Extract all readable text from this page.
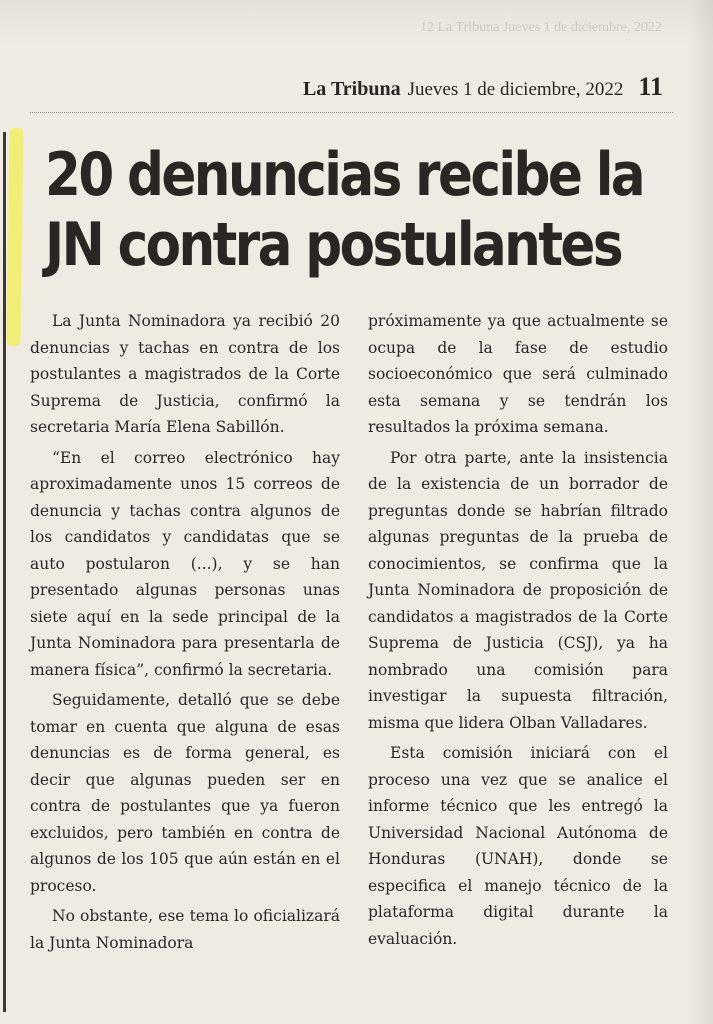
12 La Tribuna Jueves 1 de diciembre, 2022
La Tribuna Jueves 1 de diciembre, 2022 11
20 denuncias recibe la
JN contra postulantes

La Junta Nominadora ya recibió 20 denuncias y tachas en contra de los postulantes a magistrados de la Corte Suprema de Justicia, confirmó la secretaria María Elena Sabillón.

“En el correo electrónico hay aproximadamente unos 15 correos de denuncia y tachas contra algunos de los candidatos y candidatas que se auto postularon (...), y se han presentado algunas personas unas siete aquí en la sede principal de la Junta Nominadora para presentarla de manera física”, confirmó la secretaria.

Seguidamente, detalló que se debe tomar en cuenta que alguna de esas denuncias es de forma general, es decir que algunas pueden ser en contra de postulantes que ya fueron excluidos, pero también en contra de algunos de los 105 que aún están en el proceso.

No obstante, ese tema lo oficializará la Junta Nominadora

próximamente ya que actualmente se ocupa de la fase de estudio socioeconómico que será culminado esta semana y se tendrán los resultados la próxima semana.

Por otra parte, ante la insistencia de la existencia de un borrador de preguntas donde se habrían filtrado algunas preguntas de la prueba de conocimientos, se confirma que la Junta Nominadora de proposición de candidatos a magistrados de la Corte Suprema de Justicia (CSJ), ya ha nombrado una comisión para investigar la supuesta filtración, misma que lidera Olban Valladares.

Esta comisión iniciará con el proceso una vez que se analice el informe técnico que les entregó la Universidad Nacional Autónoma de Honduras (UNAH), donde se especifica el manejo técnico de la plataforma digital durante la evaluación.
